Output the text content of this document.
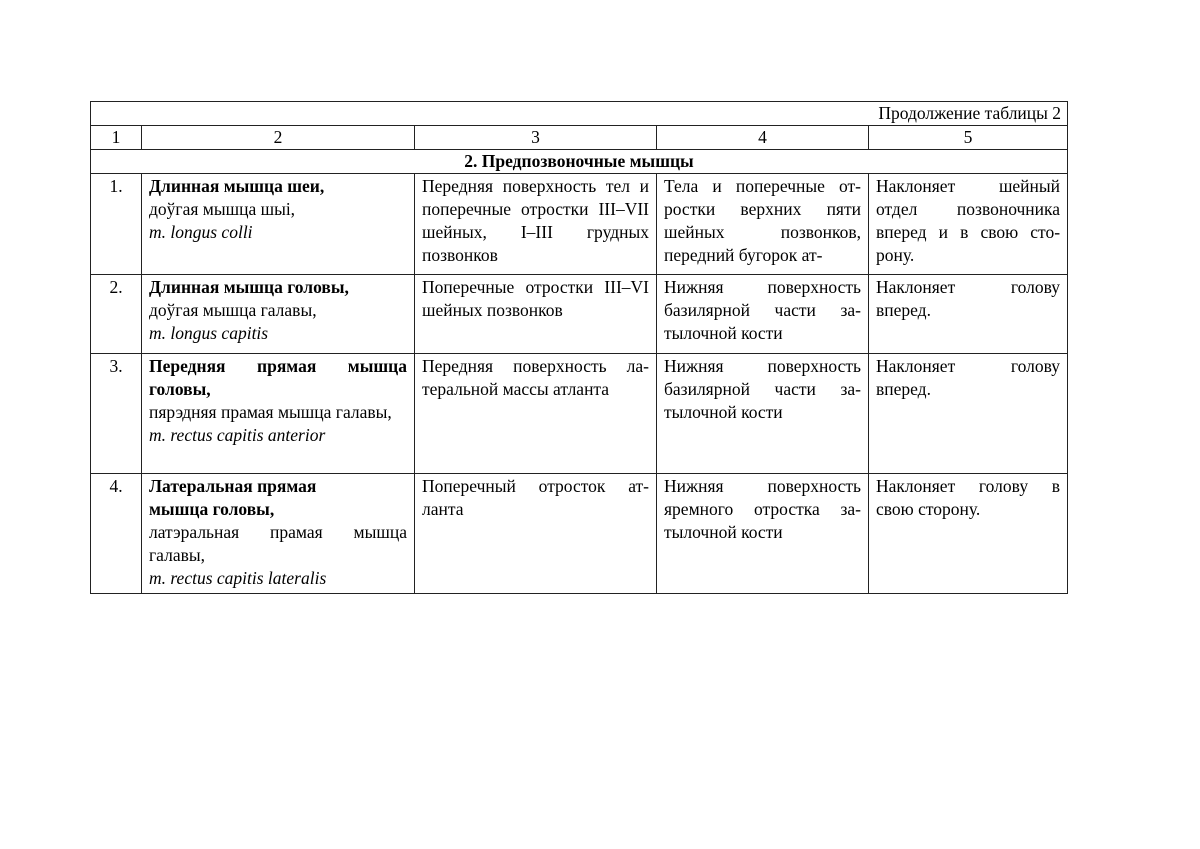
Продолжение таблицы 2				
1	2	3	4	5
2. Предпозвоночные мышцы				
1.	Длинная мышца шеи,
доўгая мышца шыі,
m. longus colli	Передняя поверхность тел и поперечные отростки III–VII шейных, I–III грудных позвонков	Тела и поперечные от-ростки верхних пяти шейных позвонков, передний бугорок ат-	Наклоняет шейный отдел позвоночника вперед и в свою сто-рону.
2.	Длинная мышца головы,
доўгая мышца галавы,
m. longus capitis	Поперечные отростки III–VI шейных позвонков	Нижняя поверхность базилярной части за-тылочной кости	Наклоняет голову вперед.
3.	Передняя прямая мышца головы,
пярэдняя прамая мышца галавы,
m. rectus capitis anterior	Передняя поверхность ла-теральной массы атланта	Нижняя поверхность базилярной части за-тылочной кости	Наклоняет голову вперед.
4.	Латеральная прямая мышца головы,
латэральная прамая мышца галавы,
m. rectus capitis lateralis	Поперечный отросток ат-ланта	Нижняя поверхность яремного отростка за-тылочной кости	Наклоняет голову в свою сторону.
